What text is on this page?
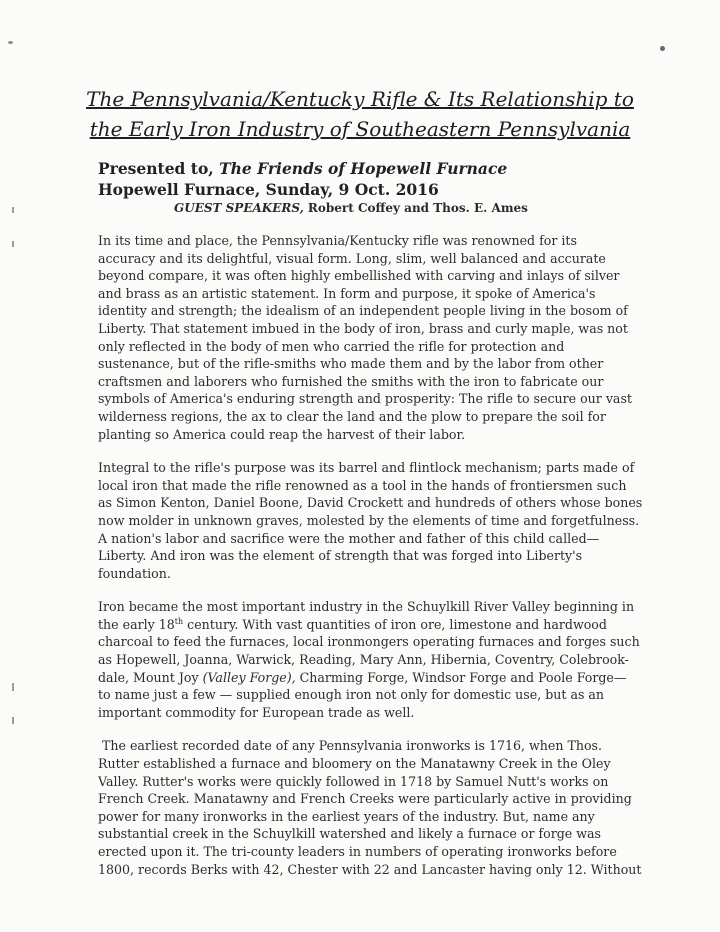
The Pennsylvania/Kentucky Rifle & Its Relationship to
the Early Iron Industry of Southeastern Pennsylvania
Presented to, The Friends of Hopewell Furnace
Hopewell Furnace, Sunday, 9 Oct. 2016
GUEST SPEAKERS, Robert Coffey and Thos. E. Ames

In its time and place, the Pennsylvania/Kentucky rifle was renowned for its
accuracy and its delightful, visual form. Long, slim, well balanced and accurate
beyond compare, it was often highly embellished with carving and inlays of silver
and brass as an artistic statement. In form and purpose, it spoke of America's
identity and strength; the idealism of an independent people living in the bosom of
Liberty. That statement imbued in the body of iron, brass and curly maple, was not
only reflected in the body of men who carried the rifle for protection and
sustenance, but of the rifle-smiths who made them and by the labor from other
craftsmen and laborers who furnished the smiths with the iron to fabricate our
symbols of America's enduring strength and prosperity: The rifle to secure our vast
wilderness regions, the ax to clear the land and the plow to prepare the soil for
planting so America could reap the harvest of their labor.

Integral to the rifle's purpose was its barrel and flintlock mechanism; parts made of
local iron that made the rifle renowned as a tool in the hands of frontiersmen such
as Simon Kenton, Daniel Boone, David Crockett and hundreds of others whose bones
now molder in unknown graves, molested by the elements of time and forgetfulness.
A nation's labor and sacrifice were the mother and father of this child called—
Liberty. And iron was the element of strength that was forged into Liberty's
foundation.

Iron became the most important industry in the Schuylkill River Valley beginning in
the early 18th century. With vast quantities of iron ore, limestone and hardwood
charcoal to feed the furnaces, local ironmongers operating furnaces and forges such
as Hopewell, Joanna, Warwick, Reading, Mary Ann, Hibernia, Coventry, Colebrook-
dale, Mount Joy (Valley Forge), Charming Forge, Windsor Forge and Poole Forge—
to name just a few — supplied enough iron not only for domestic use, but as an
important commodity for European trade as well.

The earliest recorded date of any Pennsylvania ironworks is 1716, when Thos.
Rutter established a furnace and bloomery on the Manatawny Creek in the Oley
Valley. Rutter's works were quickly followed in 1718 by Samuel Nutt's works on
French Creek. Manatawny and French Creeks were particularly active in providing
power for many ironworks in the earliest years of the industry. But, name any
substantial creek in the Schuylkill watershed and likely a furnace or forge was
erected upon it. The tri-county leaders in numbers of operating ironworks before
1800, records Berks with 42, Chester with 22 and Lancaster having only 12. Without
